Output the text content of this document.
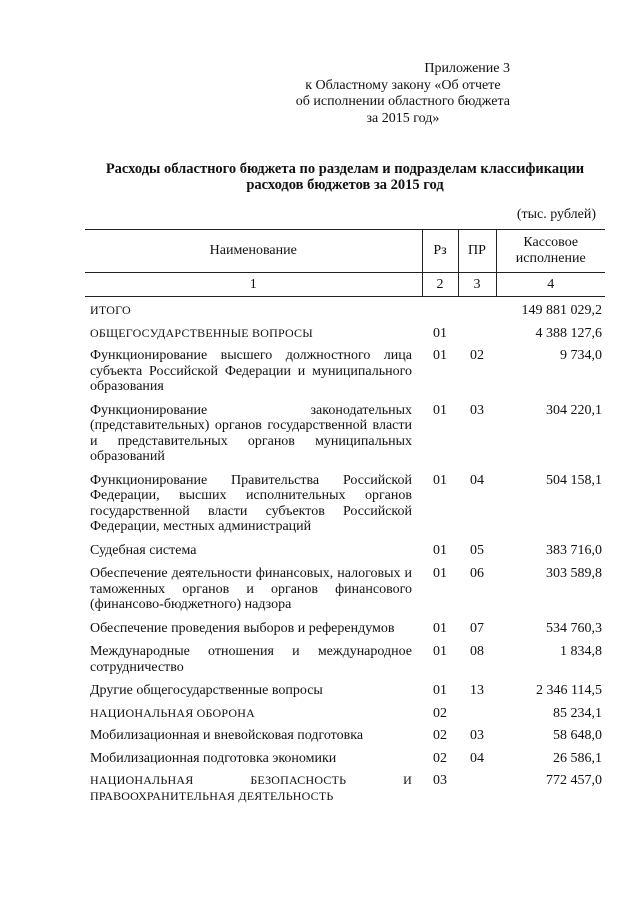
Приложение 3
к Областному закону «Об отчете
об исполнении областного бюджета
за 2015 год»
Расходы областного бюджета по разделам и подразделам классификации
расходов бюджетов за 2015 год
(тыс. рублей)
Наименование	Рз	ПР	Кассовое исполнение
1	2	3	4
ИТОГО			149 881 029,2
ОБЩЕГОСУДАРСТВЕННЫЕ ВОПРОСЫ	01		4 388 127,6
Функционирование высшего должностного лица субъекта Российской Федерации и муниципального образования	01	02	9 734,0
Функционирование законодательных (представительных) органов государственной власти и представительных органов муниципальных образований	01	03	304 220,1
Функционирование Правительства Российской Федерации, высших исполнительных органов государственной власти субъектов Российской Федерации, местных администраций	01	04	504 158,1
Судебная система	01	05	383 716,0
Обеспечение деятельности финансовых, налоговых и таможенных органов и органов финансового (финансово-бюджетного) надзора	01	06	303 589,8
Обеспечение проведения выборов и референдумов	01	07	534 760,3
Международные отношения и международное сотрудничество	01	08	1 834,8
Другие общегосударственные вопросы	01	13	2 346 114,5
НАЦИОНАЛЬНАЯ ОБОРОНА	02		85 234,1
Мобилизационная и вневойсковая подготовка	02	03	58 648,0
Мобилизационная подготовка экономики	02	04	26 586,1
НАЦИОНАЛЬНАЯ БЕЗОПАСНОСТЬ И ПРАВООХРАНИТЕЛЬНАЯ ДЕЯТЕЛЬНОСТЬ	03		772 457,0
